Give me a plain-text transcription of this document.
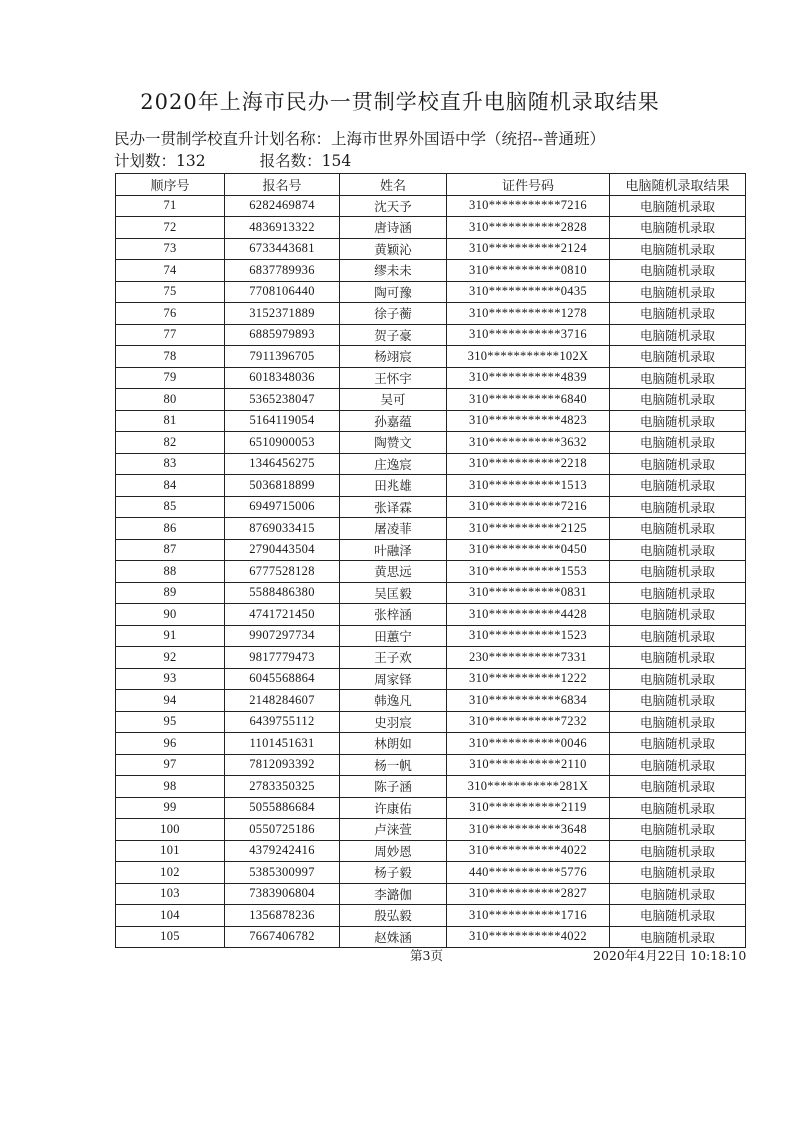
2020年上海市民办一贯制学校直升电脑随机录取结果
民办一贯制学校直升计划名称：上海市世界外国语中学（统招--普通班）
计划数：132	报名数：154
顺序号	报名号	姓名	证件号码	电脑随机录取结果
71	6282469874	沈天予	310***********7216	电脑随机录取
72	4836913322	唐诗涵	310***********2828	电脑随机录取
73	6733443681	黄颖沁	310***********2124	电脑随机录取
74	6837789936	缪未未	310***********0810	电脑随机录取
75	7708106440	陶可豫	310***********0435	电脑随机录取
76	3152371889	徐子蘅	310***********1278	电脑随机录取
77	6885979893	贺子豪	310***********3716	电脑随机录取
78	7911396705	杨翊宸	310***********102X	电脑随机录取
79	6018348036	王怀宇	310***********4839	电脑随机录取
80	5365238047	吴可	310***********6840	电脑随机录取
81	5164119054	孙嘉蕴	310***********4823	电脑随机录取
82	6510900053	陶赞文	310***********3632	电脑随机录取
83	1346456275	庄逸宸	310***********2218	电脑随机录取
84	5036818899	田兆雄	310***********1513	电脑随机录取
85	6949715006	张译霖	310***********7216	电脑随机录取
86	8769033415	屠凌菲	310***********2125	电脑随机录取
87	2790443504	叶融泽	310***********0450	电脑随机录取
88	6777528128	黄思远	310***********1553	电脑随机录取
89	5588486380	吴匡毅	310***********0831	电脑随机录取
90	4741721450	张梓涵	310***********4428	电脑随机录取
91	9907297734	田蕙宁	310***********1523	电脑随机录取
92	9817779473	王子欢	230***********7331	电脑随机录取
93	6045568864	周家铎	310***********1222	电脑随机录取
94	2148284607	韩逸凡	310***********6834	电脑随机录取
95	6439755112	史羽宸	310***********7232	电脑随机录取
96	1101451631	林朗如	310***********0046	电脑随机录取
97	7812093392	杨一帆	310***********2110	电脑随机录取
98	2783350325	陈子涵	310***********281X	电脑随机录取
99	5055886684	许康佑	310***********2119	电脑随机录取
100	0550725186	卢涞萱	310***********3648	电脑随机录取
101	4379242416	周妙恩	310***********4022	电脑随机录取
102	5385300997	杨子毅	440***********5776	电脑随机录取
103	7383906804	李潞伽	310***********2827	电脑随机录取
104	1356878236	殷弘毅	310***********1716	电脑随机录取
105	7667406782	赵姝涵	310***********4022	电脑随机录取
第3页	2020年4月22日 10:18:10
